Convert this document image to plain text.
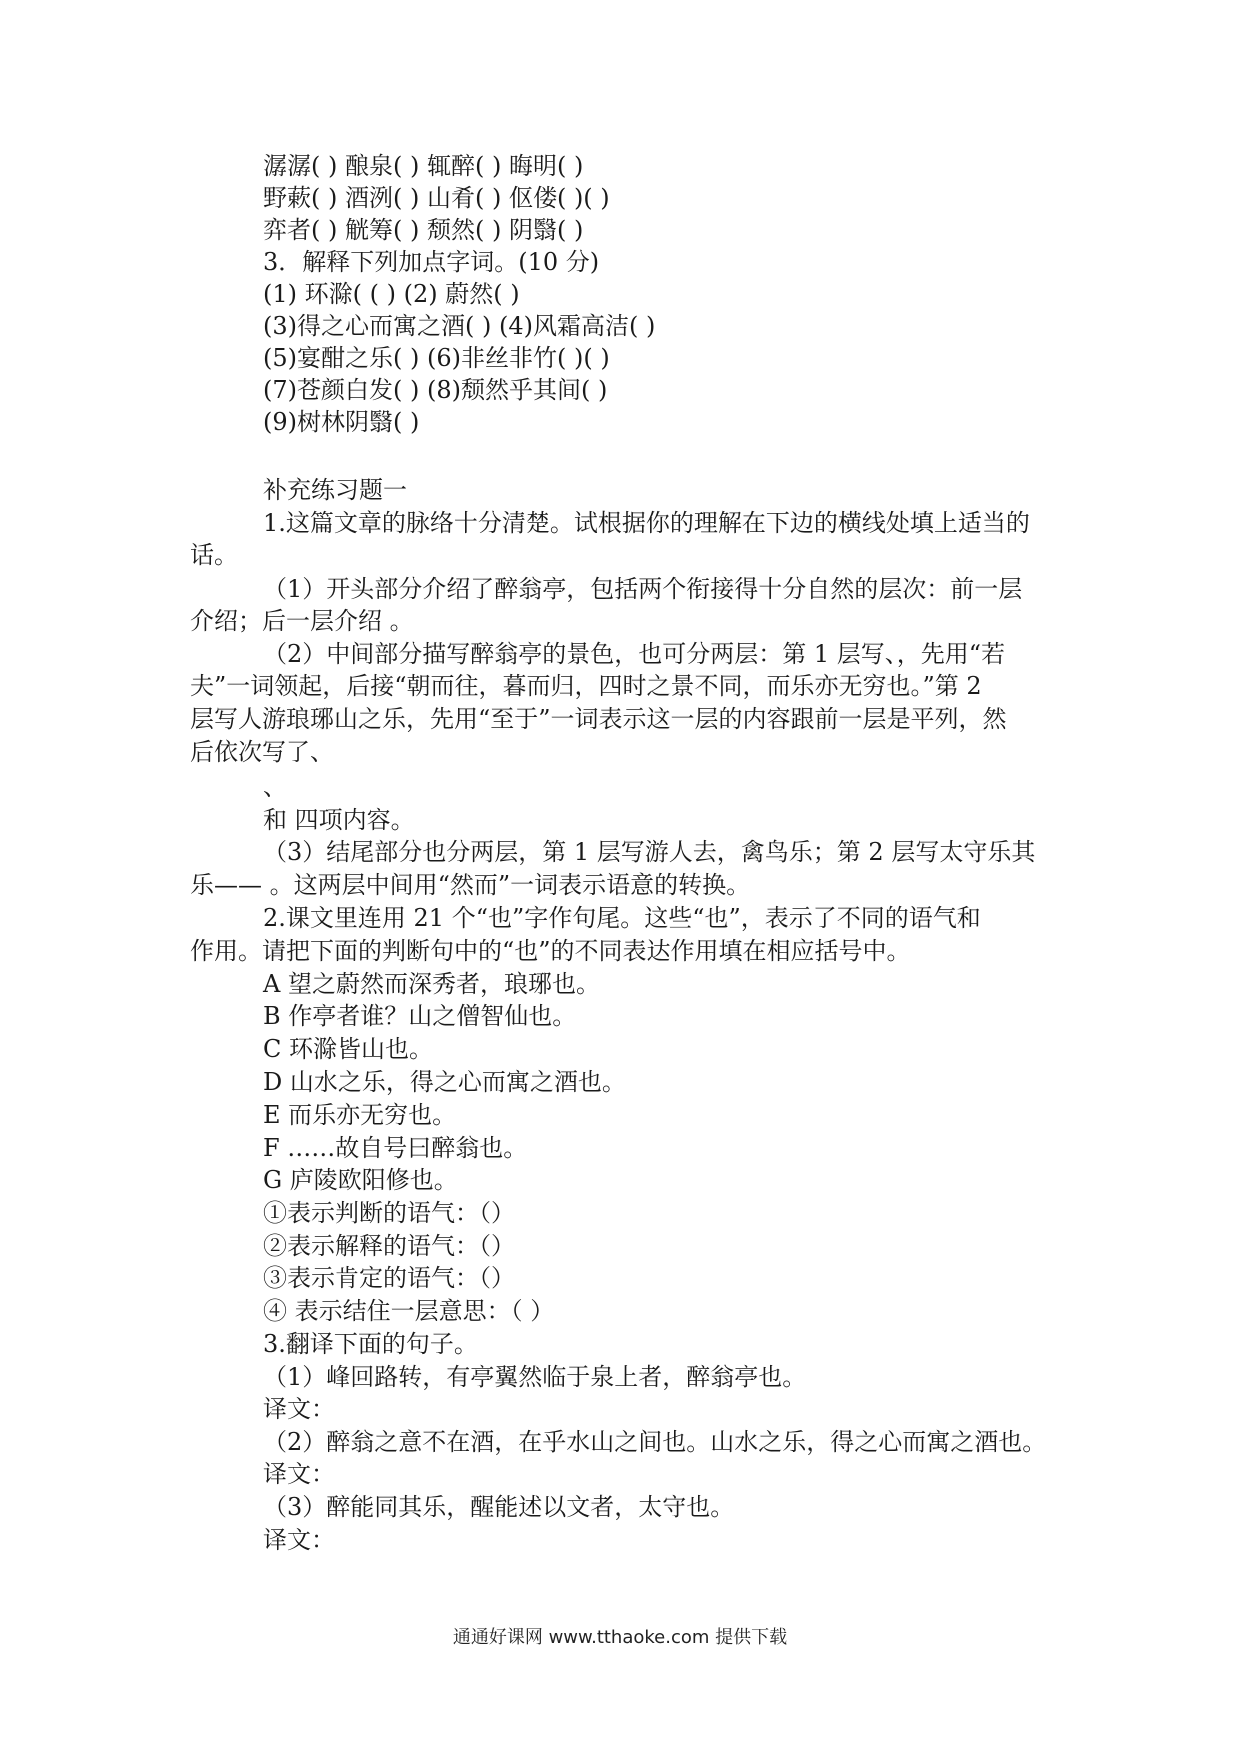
潺潺( ) 酿泉( ) 辄醉( ) 晦明( )
野蔌( ) 酒洌( ) 山肴( ) 伛偻( )( )
弈者( ) 觥筹( ) 颓然( ) 阴翳( )
3．解释下列加点字词。(10 分)
(1) 环滁( ( ) (2) 蔚然( )
(3)得之心而寓之酒( ) (4)风霜高洁( )
(5)宴酣之乐( ) (6)非丝非竹( )( )
(7)苍颜白发( ) (8)颓然乎其间( )
(9)树林阴翳( )
补充练习题一
1.这篇文章的脉络十分清楚。试根据你的理解在下边的横线处填上适当的
话。
（1）开头部分介绍了醉翁亭，包括两个衔接得十分自然的层次：前一层
介绍；后一层介绍 。
（2）中间部分描写醉翁亭的景色，也可分两层：第 1 层写、，先用“若
夫”一词领起，后接“朝而往，暮而归，四时之景不同，而乐亦无穷也。”第 2
层写人游琅琊山之乐，先用“至于”一词表示这一层的内容跟前一层是平列，然
后依次写了、
、
和 四项内容。
（3）结尾部分也分两层，第 1 层写游人去，禽鸟乐；第 2 层写太守乐其
乐—— 。这两层中间用“然而”一词表示语意的转换。
2.课文里连用 21 个“也”字作句尾。这些“也”，表示了不同的语气和
作用。请把下面的判断句中的“也”的不同表达作用填在相应括号中。
A 望之蔚然而深秀者，琅琊也。
B 作亭者谁？山之僧智仙也。
C 环滁皆山也。
D 山水之乐，得之心而寓之酒也。
E 而乐亦无穷也。
F ……故自号曰醉翁也。
G 庐陵欧阳修也。
①表示判断的语气：（）
②表示解释的语气：（）
③表示肯定的语气：（）
④ 表示结住一层意思：（ ）
3.翻译下面的句子。
（1）峰回路转，有亭翼然临于泉上者，醉翁亭也。
译文：
（2）醉翁之意不在酒，在乎水山之间也。山水之乐，得之心而寓之酒也。
译文：
（3）醉能同其乐，醒能述以文者，太守也。
译文：
通通好课网 www.tthaoke.com 提供下载
